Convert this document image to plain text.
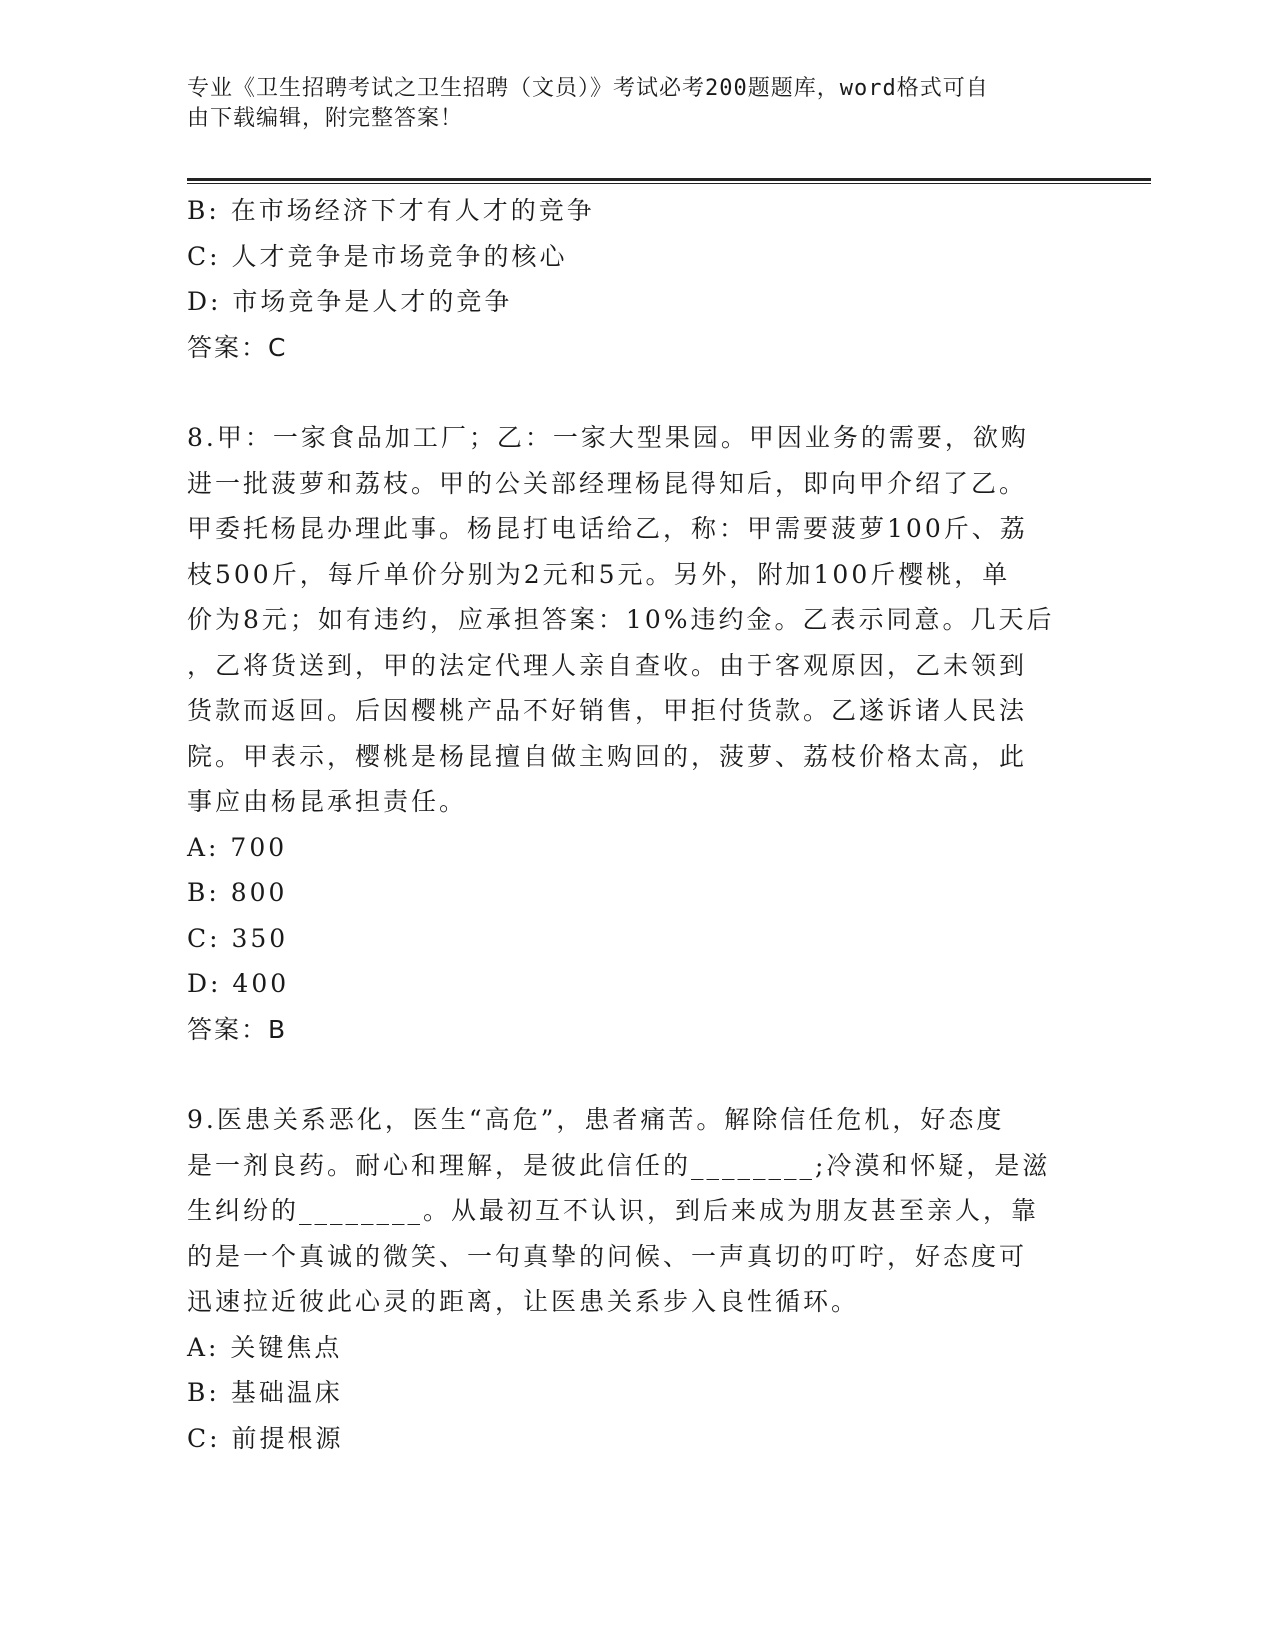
专业《卫生招聘考试之卫生招聘（文员）》考试必考200题题库，word格式可自
由下载编辑，附完整答案！
B: 在市场经济下才有人才的竞争
C: 人才竞争是市场竞争的核心
D: 市场竞争是人才的竞争
答案：C
8.甲：一家食品加工厂；乙：一家大型果园。甲因业务的需要，欲购
进一批菠萝和荔枝。甲的公关部经理杨昆得知后，即向甲介绍了乙。
甲委托杨昆办理此事。杨昆打电话给乙，称：甲需要菠萝100斤、荔
枝500斤，每斤单价分别为2元和5元。另外，附加100斤樱桃，单
价为8元；如有违约，应承担答案：10%违约金。乙表示同意。几天后
，乙将货送到，甲的法定代理人亲自查收。由于客观原因，乙未领到
货款而返回。后因樱桃产品不好销售，甲拒付货款。乙遂诉诸人民法
院。甲表示，樱桃是杨昆擅自做主购回的，菠萝、荔枝价格太高，此
事应由杨昆承担责任。
A: 700
B: 800
C: 350
D: 400
答案：B
9.医患关系恶化，医生“高危”，患者痛苦。解除信任危机，好态度
是一剂良药。耐心和理解，是彼此信任的________;冷漠和怀疑，是滋
生纠纷的________。从最初互不认识，到后来成为朋友甚至亲人，靠
的是一个真诚的微笑、一句真挚的问候、一声真切的叮咛，好态度可
迅速拉近彼此心灵的距离，让医患关系步入良性循环。
A: 关键焦点
B: 基础温床
C: 前提根源
